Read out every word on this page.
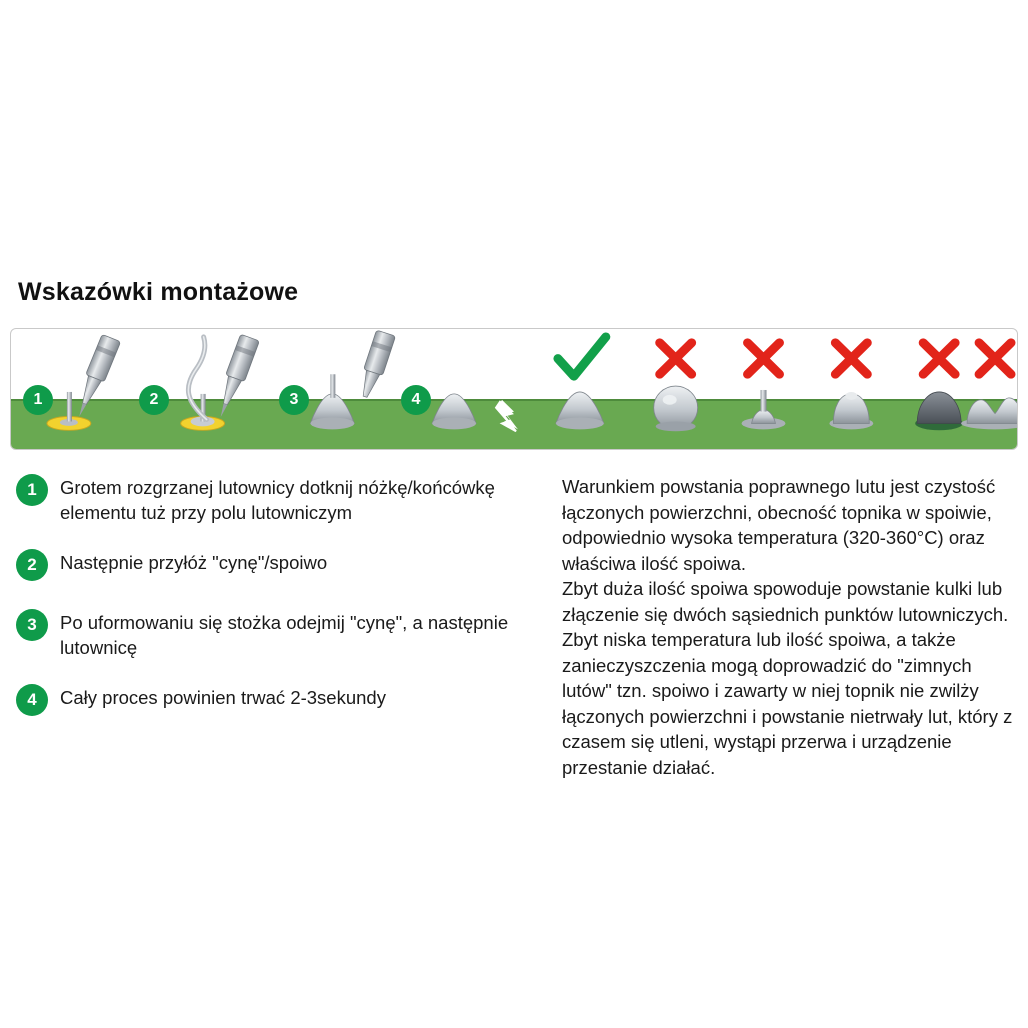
Wskazówki montażowe
1	2	3	4
1	Grotem rozgrzanej lutownicy dotknij nóżkę/końcówkę elementu tuż przy polu lutowniczym
2	Następnie przyłóż "cynę"/spoiwo
3	Po uformowaniu się stożka odejmij "cynę", a następnie lutownicę
4	Cały proces powinien trwać 2-3sekundy

Warunkiem powstania poprawnego lutu jest czystość łączonych powierzchni, obecność topnika w spoiwie, odpowiednio wysoka temperatura (320-360°C) oraz właściwa ilość spoiwa.

Zbyt duża ilość spoiwa spowoduje powstanie kulki lub złączenie się dwóch sąsiednich punktów lutowniczych.

Zbyt niska temperatura lub ilość spoiwa, a także zanieczyszczenia mogą doprowadzić do "zimnych lutów" tzn. spoiwo i zawarty w niej topnik nie zwilży łączonych powierzchni i powstanie nietrwały lut, który z czasem się utleni, wystąpi przerwa i urządzenie przestanie działać.
